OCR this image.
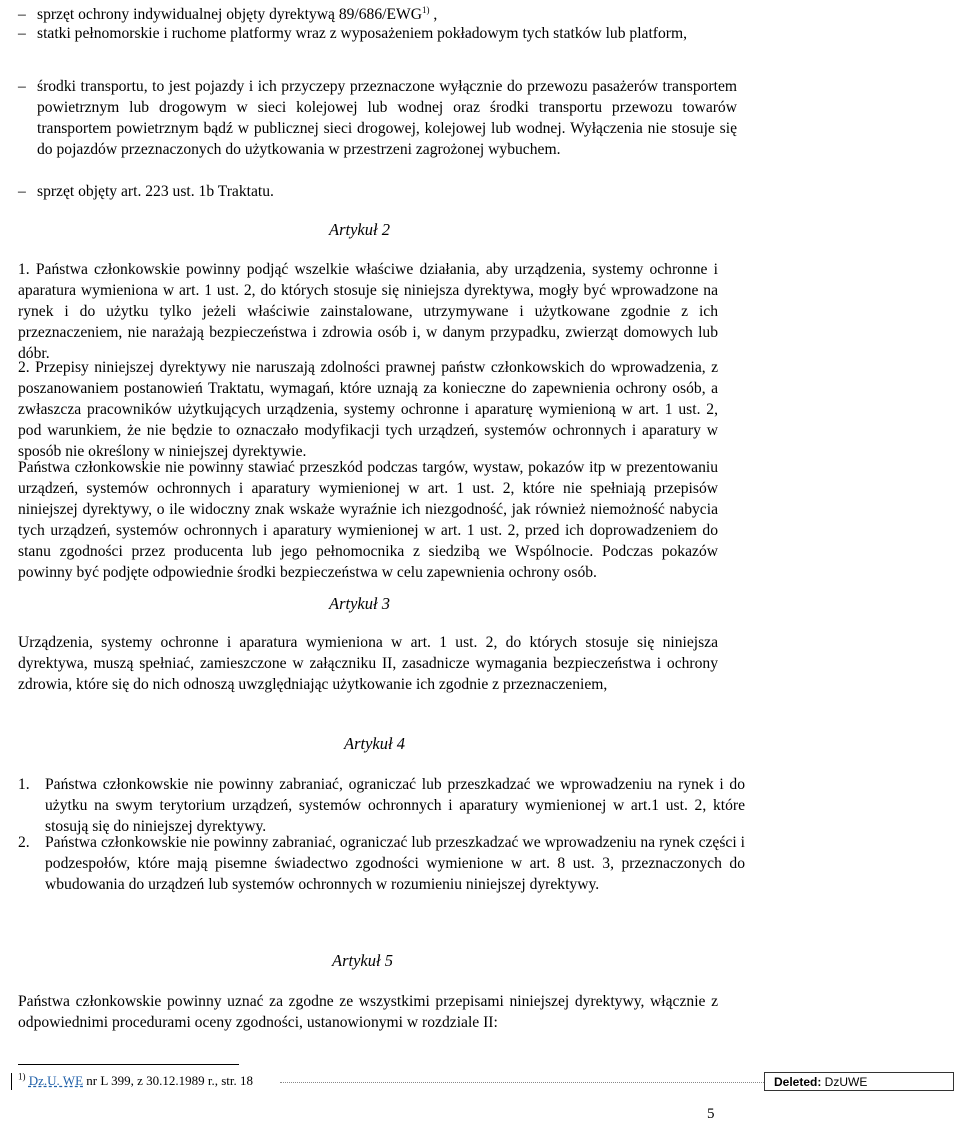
– sprzęt ochrony indywidualnej objęty dyrektywą 89/686/EWG$^{1)}$ ,
– statki pełnomorskie i ruchome platformy wraz z wyposażeniem pokładowym tych statków lub platform,
– środki transportu, to jest pojazdy i ich przyczepy przeznaczone wyłącznie do przewozu pasażerów transportem powietrznym lub drogowym w sieci kolejowej lub wodnej oraz środki transportu przewozu towarów transportem powietrznym bądź w publicznej sieci drogowej, kolejowej lub wodnej. Wyłączenia nie stosuje się do pojazdów przeznaczonych do użytkowania w przestrzeni zagrożonej wybuchem.
– sprzęt objęty art. 223 ust. 1b Traktatu.
Artykuł 2
1. Państwa członkowskie powinny podjąć wszelkie właściwe działania, aby urządzenia, systemy ochronne i aparatura wymieniona w art. 1 ust. 2, do których stosuje się niniejsza dyrektywa, mogły być wprowadzone na rynek i do użytku tylko jeżeli właściwie zainstalowane, utrzymywane i użytkowane zgodnie z ich przeznaczeniem, nie narażają bezpieczeństwa i zdrowia osób i, w danym przypadku, zwierząt domowych lub dóbr.
2. Przepisy niniejszej dyrektywy nie naruszają zdolności prawnej państw członkowskich do wprowadzenia, z poszanowaniem postanowień Traktatu, wymagań, które uznają za konieczne do zapewnienia ochrony osób, a zwłaszcza pracowników użytkujących urządzenia, systemy ochronne i aparaturę wymienioną w art. 1 ust. 2, pod warunkiem, że nie będzie to oznaczało modyfikacji tych urządzeń, systemów ochronnych i aparatury w sposób nie określony w niniejszej dyrektywie.
Państwa członkowskie nie powinny stawiać przeszkód podczas targów, wystaw, pokazów itp w prezentowaniu urządzeń, systemów ochronnych i aparatury wymienionej w art. 1 ust. 2, które nie spełniają przepisów niniejszej dyrektywy, o ile widoczny znak wskaże wyraźnie ich niezgodność, jak również niemożność nabycia tych urządzeń, systemów ochronnych i aparatury wymienionej w art. 1 ust. 2, przed ich doprowadzeniem do stanu zgodności przez producenta lub jego pełnomocnika z siedzibą we Wspólnocie. Podczas pokazów powinny być podjęte odpowiednie środki bezpieczeństwa w celu zapewnienia ochrony osób.
Artykuł 3
Urządzenia, systemy ochronne i aparatura wymieniona w art. 1 ust. 2, do których stosuje się niniejsza dyrektywa, muszą spełniać, zamieszczone w załączniku II, zasadnicze wymagania bezpieczeństwa i ochrony zdrowia, które się do nich odnoszą uwzględniając użytkowanie ich zgodnie z przeznaczeniem,
Artykuł 4
1. Państwa członkowskie nie powinny zabraniać, ograniczać lub przeszkadzać we wprowadzeniu na rynek i do użytku na swym terytorium urządzeń, systemów ochronnych i aparatury wymienionej w art.1 ust. 2, które stosują się do niniejszej dyrektywy.
2. Państwa członkowskie nie powinny zabraniać, ograniczać lub przeszkadzać we wprowadzeniu na rynek części i podzespołów, które mają pisemne świadectwo zgodności wymienione w art. 8 ust. 3, przeznaczonych do wbudowania do urządzeń lub systemów ochronnych w rozumieniu niniejszej dyrektywy.
Artykuł 5
Państwa członkowskie powinny uznać za zgodne ze wszystkimi przepisami niniejszej dyrektywy, włącznie z odpowiednimi procedurami oceny zgodności, ustanowionymi w rozdziale II:
$^{1)}$ Dz.U. WE nr L 399, z 30.12.1989 r., str. 18	Deleted: DzUWE
5
